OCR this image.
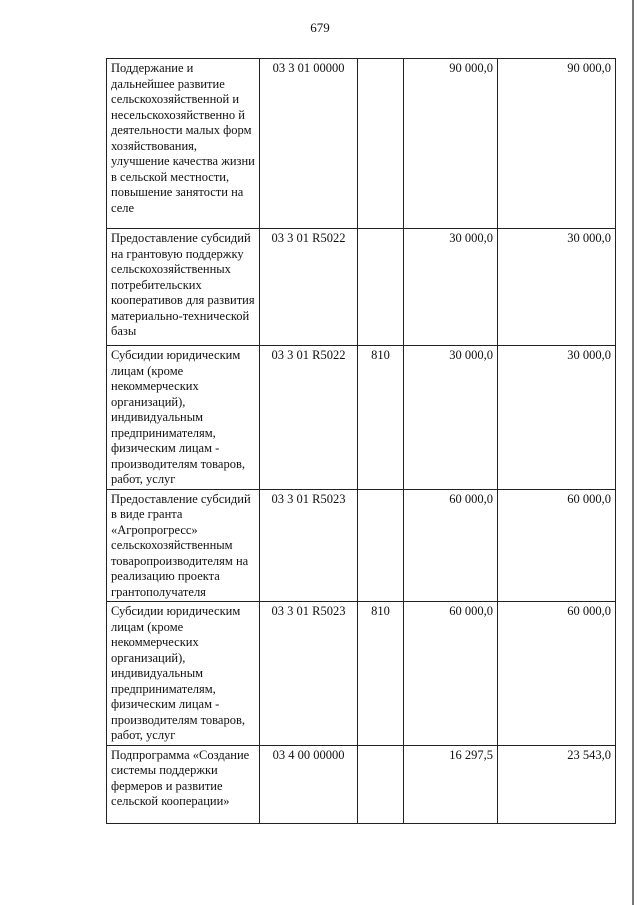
679
Поддержание и дальнейшее развитие сельскохозяйственной и несельскохозяйственно й деятельности малых форм хозяйствования, улучшение качества жизни в сельской местности, повышение занятости на селе	03 3 01 00000		90 000,0	90 000,0
Предоставление субсидий на грантовую поддержку сельскохозяйственных потребительских кооперативов для развития материально-технической базы	03 3 01 R5022		30 000,0	30 000,0
Субсидии юридическим лицам (кроме некоммерческих организаций), индивидуальным предпринимателям, физическим лицам - производителям товаров, работ, услуг	03 3 01 R5022	810	30 000,0	30 000,0
Предоставление субсидий в виде гранта «Агропрогресс» сельскохозяйственным товаропроизводителям на реализацию проекта грантополучателя	03 3 01 R5023		60 000,0	60 000,0
Субсидии юридическим лицам (кроме некоммерческих организаций), индивидуальным предпринимателям, физическим лицам - производителям товаров, работ, услуг	03 3 01 R5023	810	60 000,0	60 000,0
Подпрограмма «Создание системы поддержки фермеров и развитие сельской кооперации»	03 4 00 00000		16 297,5	23 543,0
